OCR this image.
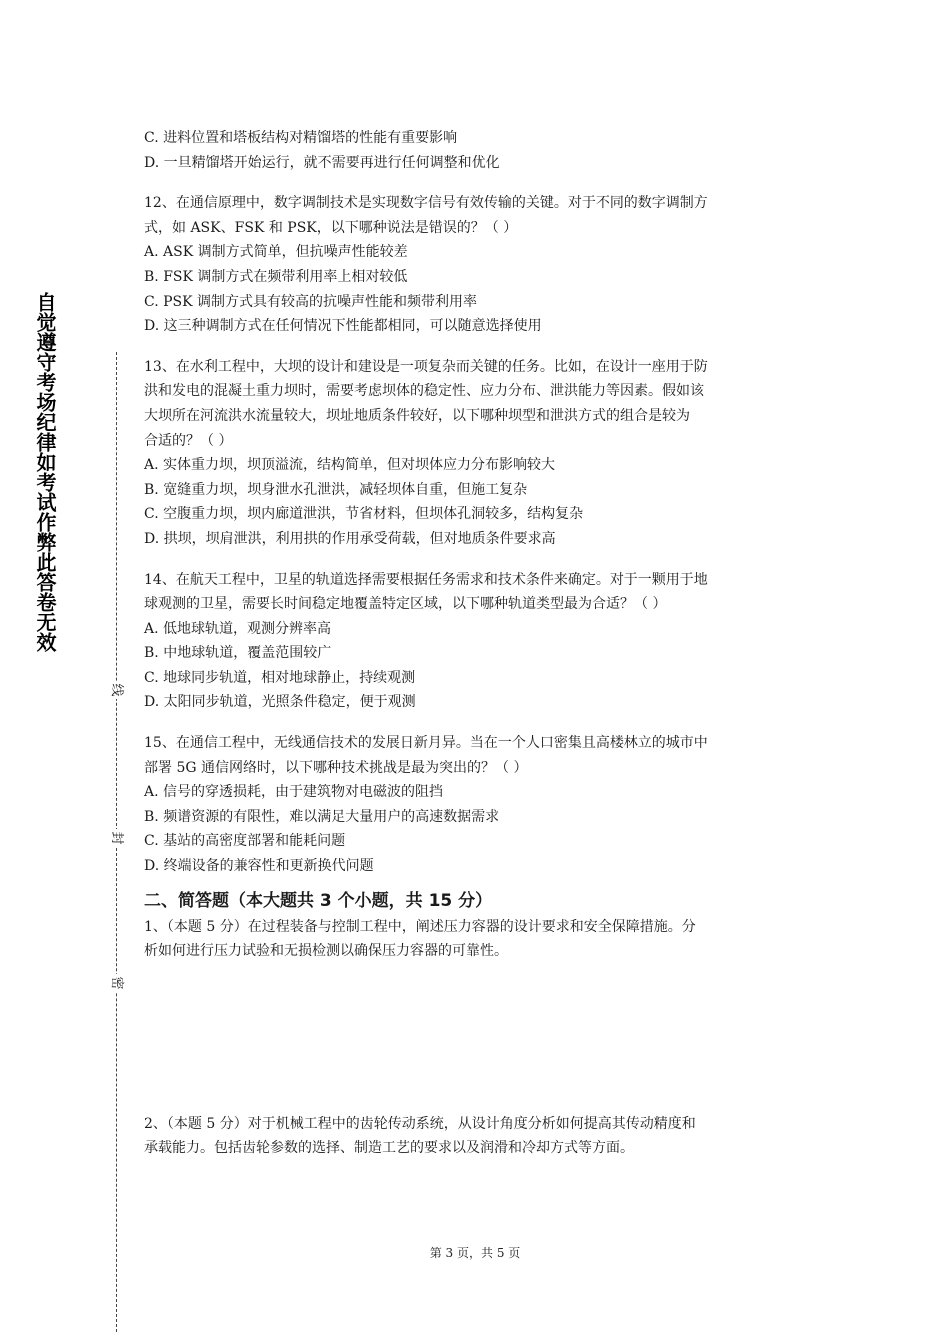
自觉遵守考场纪律如考试作弊此答卷无效
线
封
密
C. 进料位置和塔板结构对精馏塔的性能有重要影响
D. 一旦精馏塔开始运行，就不需要再进行任何调整和优化
12、在通信原理中，数字调制技术是实现数字信号有效传输的关键。对于不同的数字调制方
式，如 ASK、FSK 和 PSK，以下哪种说法是错误的？（ ）
A. ASK 调制方式简单，但抗噪声性能较差
B. FSK 调制方式在频带利用率上相对较低
C. PSK 调制方式具有较高的抗噪声性能和频带利用率
D. 这三种调制方式在任何情况下性能都相同，可以随意选择使用
13、在水利工程中，大坝的设计和建设是一项复杂而关键的任务。比如，在设计一座用于防
洪和发电的混凝土重力坝时，需要考虑坝体的稳定性、应力分布、泄洪能力等因素。假如该
大坝所在河流洪水流量较大，坝址地质条件较好，以下哪种坝型和泄洪方式的组合是较为
合适的？（ ）
A. 实体重力坝，坝顶溢流，结构简单，但对坝体应力分布影响较大
B. 宽缝重力坝，坝身泄水孔泄洪，减轻坝体自重，但施工复杂
C. 空腹重力坝，坝内廊道泄洪，节省材料，但坝体孔洞较多，结构复杂
D. 拱坝，坝肩泄洪，利用拱的作用承受荷载，但对地质条件要求高
14、在航天工程中，卫星的轨道选择需要根据任务需求和技术条件来确定。对于一颗用于地
球观测的卫星，需要长时间稳定地覆盖特定区域，以下哪种轨道类型最为合适？（ ）
A. 低地球轨道，观测分辨率高
B. 中地球轨道，覆盖范围较广
C. 地球同步轨道，相对地球静止，持续观测
D. 太阳同步轨道，光照条件稳定，便于观测
15、在通信工程中，无线通信技术的发展日新月异。当在一个人口密集且高楼林立的城市中
部署 5G 通信网络时，以下哪种技术挑战是最为突出的？（ ）
A. 信号的穿透损耗，由于建筑物对电磁波的阻挡
B. 频谱资源的有限性，难以满足大量用户的高速数据需求
C. 基站的高密度部署和能耗问题
D. 终端设备的兼容性和更新换代问题
二、简答题（本大题共 3 个小题，共 15 分）
1、（本题 5 分）在过程装备与控制工程中，阐述压力容器的设计要求和安全保障措施。分
析如何进行压力试验和无损检测以确保压力容器的可靠性。
2、（本题 5 分）对于机械工程中的齿轮传动系统，从设计角度分析如何提高其传动精度和
承载能力。包括齿轮参数的选择、制造工艺的要求以及润滑和冷却方式等方面。
第 3 页，共 5 页
